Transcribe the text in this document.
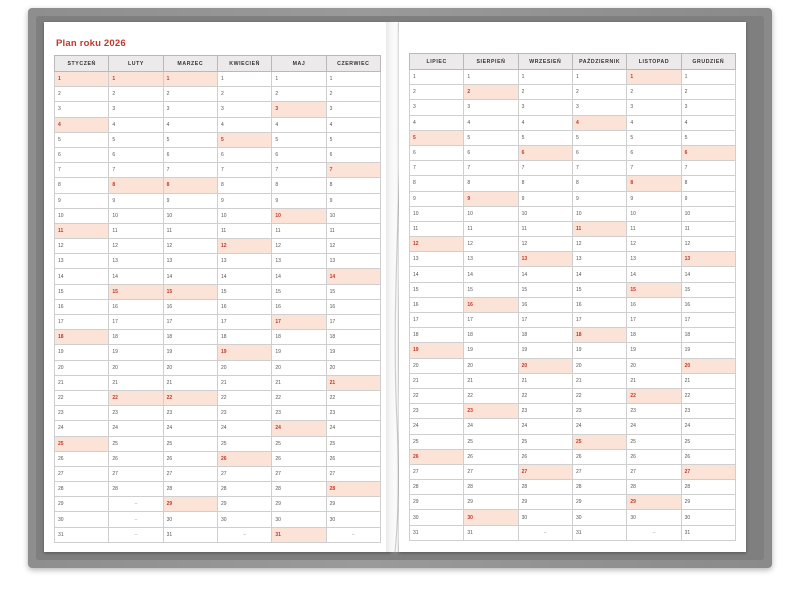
Plan roku 2026
STYCZEŃ	LUTY	MARZEC	KWIECIEŃ	MAJ	CZERWIEC
1	1	1	1	1	1
2	2	2	2	2	2
3	3	3	3	3	3
4	4	4	4	4	4
5	5	5	5	5	5
6	6	6	6	6	6
7	7	7	7	7	7
8	8	8	8	8	8
9	9	9	9	9	9
10	10	10	10	10	10
11	11	11	11	11	11
12	12	12	12	12	12
13	13	13	13	13	13
14	14	14	14	14	14
15	15	15	15	15	15
16	16	16	16	16	16
17	17	17	17	17	17
18	18	18	18	18	18
19	19	19	19	19	19
20	20	20	20	20	20
21	21	21	21	21	21
22	22	22	22	22	22
23	23	23	23	23	23
24	24	24	24	24	24
25	25	25	25	25	25
26	26	26	26	26	26
27	27	27	27	27	27
28	28	28	28	28	28
29	–	29	29	29	29
30	–	30	30	30	30
31	–	31	–	31	–
LIPIEC	SIERPIEŃ	WRZESIEŃ	PAŹDZIERNIK	LISTOPAD	GRUDZIEŃ
1	1	1	1	1	1
2	2	2	2	2	2
3	3	3	3	3	3
4	4	4	4	4	4
5	5	5	5	5	5
6	6	6	6	6	6
7	7	7	7	7	7
8	8	8	8	8	8
9	9	9	9	9	9
10	10	10	10	10	10
11	11	11	11	11	11
12	12	12	12	12	12
13	13	13	13	13	13
14	14	14	14	14	14
15	15	15	15	15	15
16	16	16	16	16	16
17	17	17	17	17	17
18	18	18	18	18	18
19	19	19	19	19	19
20	20	20	20	20	20
21	21	21	21	21	21
22	22	22	22	22	22
23	23	23	23	23	23
24	24	24	24	24	24
25	25	25	25	25	25
26	26	26	26	26	26
27	27	27	27	27	27
28	28	28	28	28	28
29	29	29	29	29	29
30	30	30	30	30	30
31	31	–	31	–	31
